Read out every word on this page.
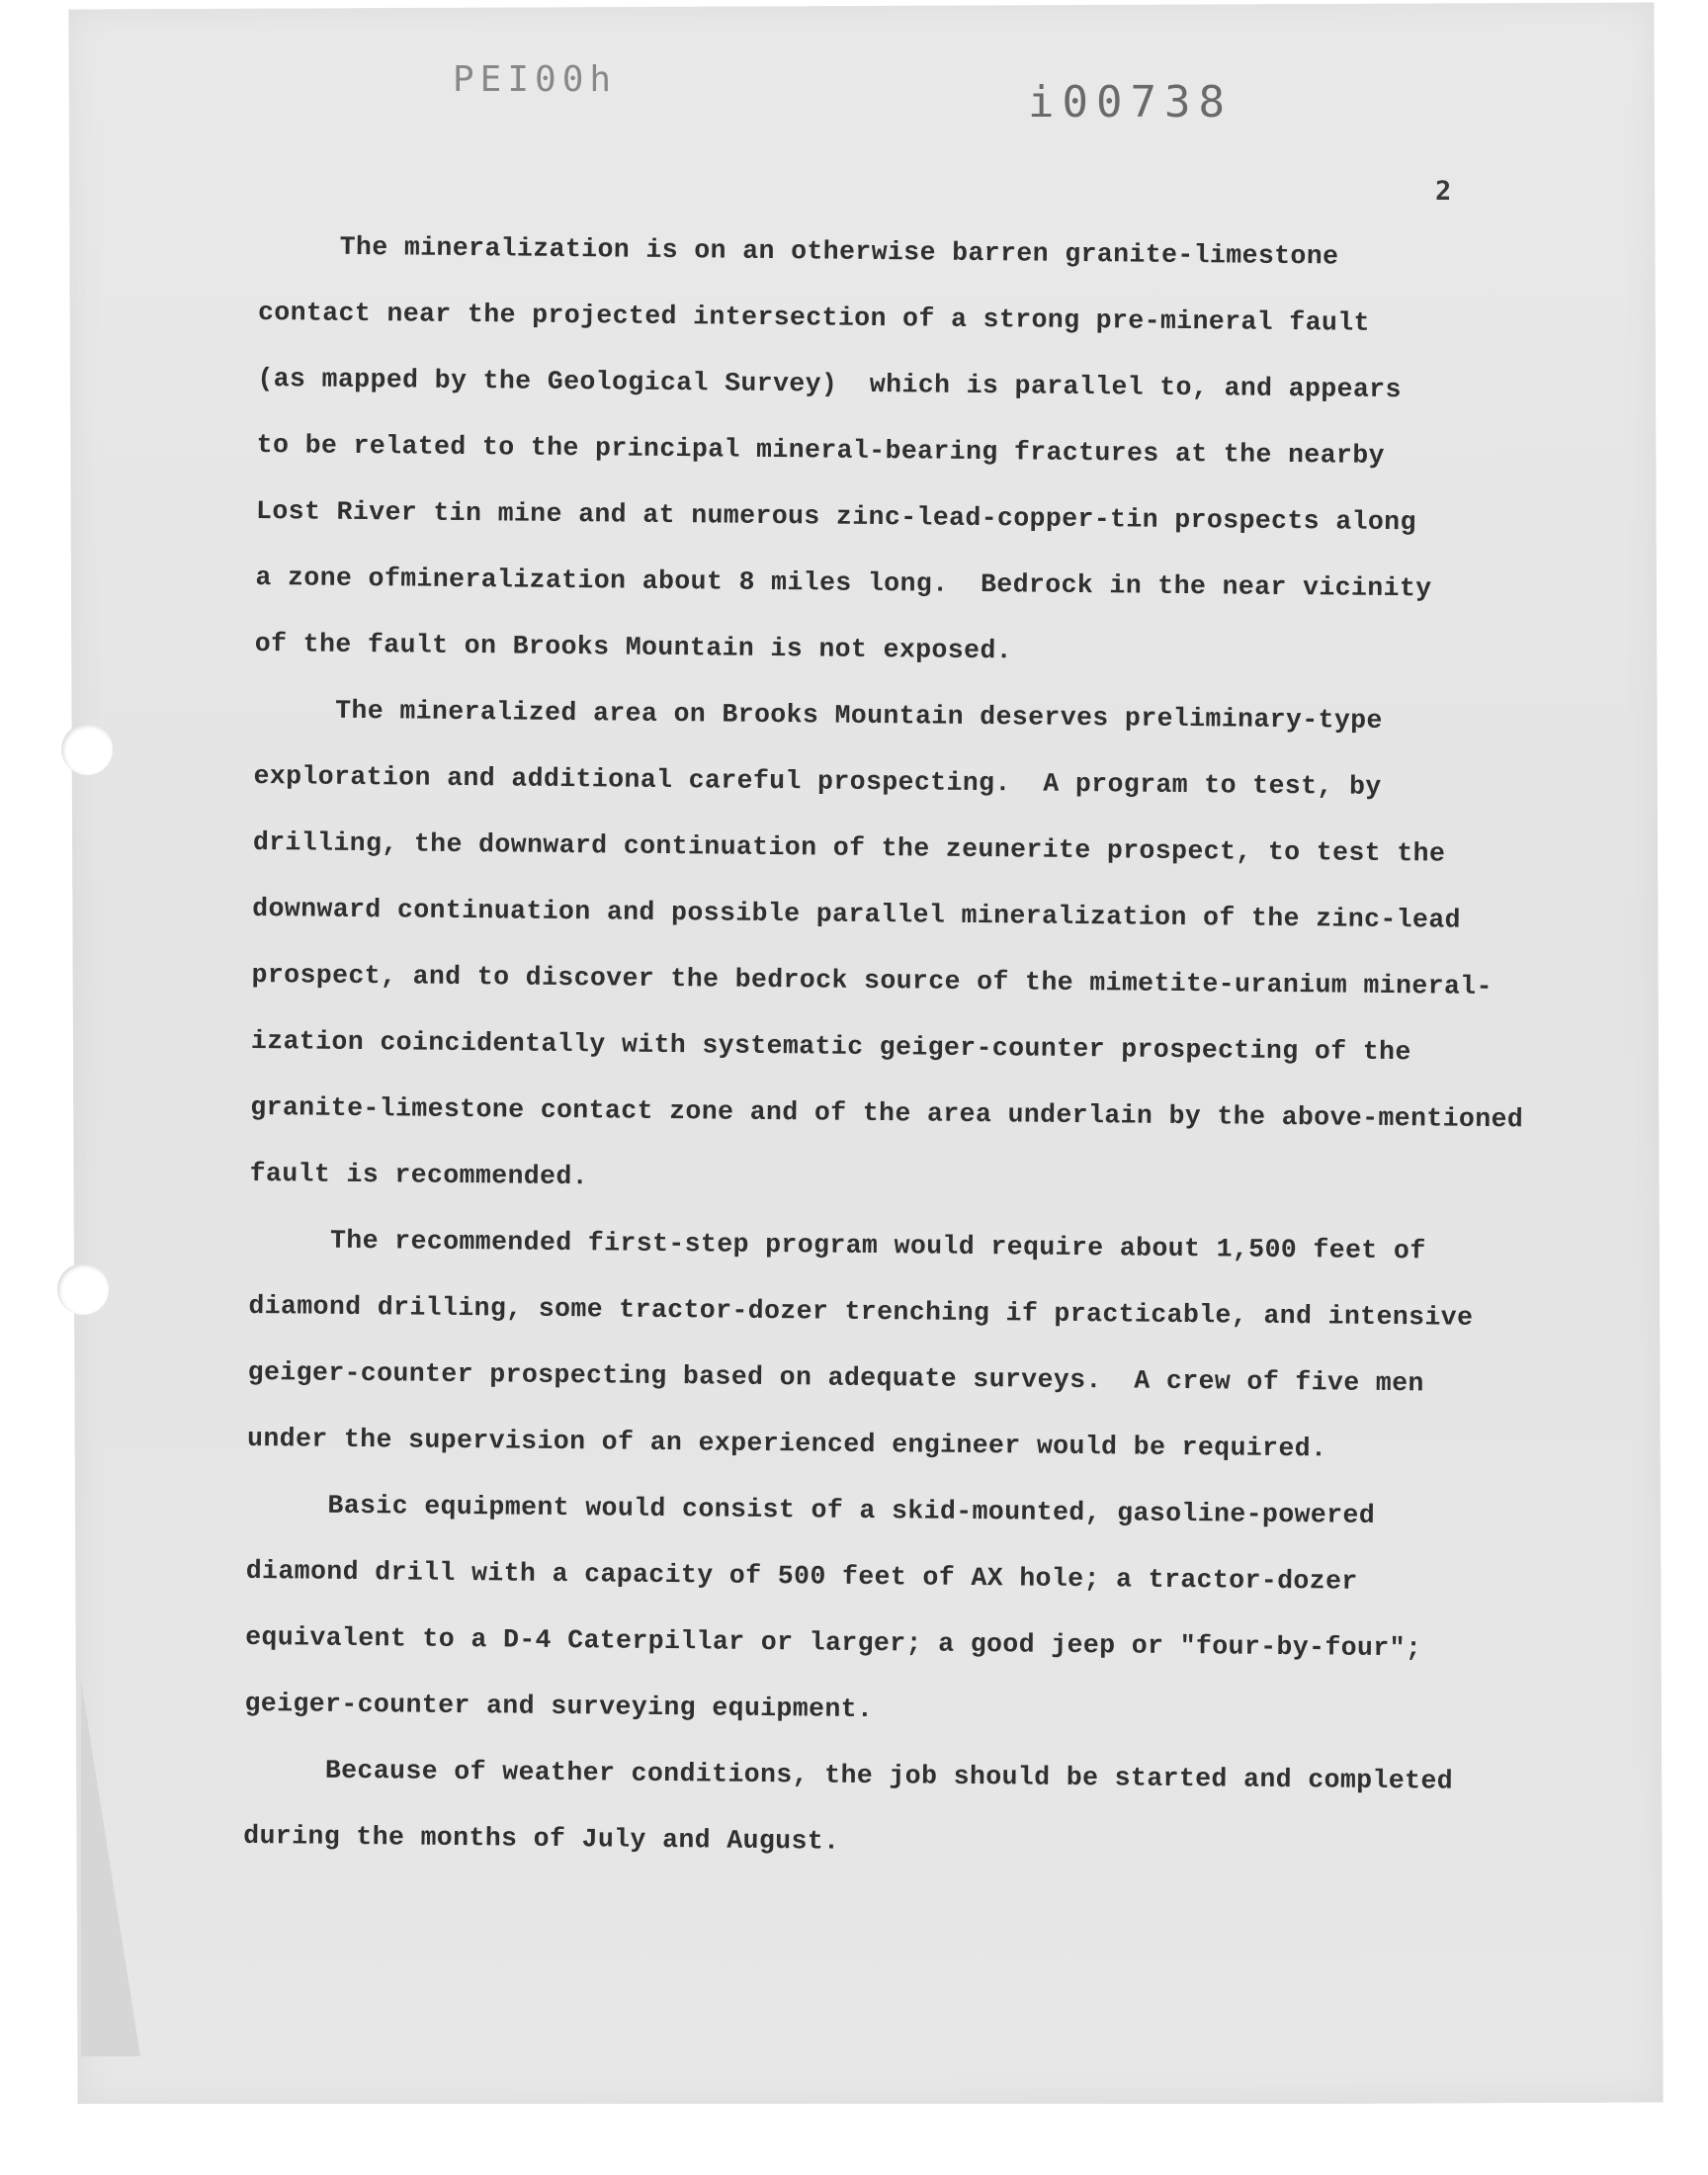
PEI00h	i00738
2

The mineralization is on an otherwise barren granite-limestone
contact near the projected intersection of a strong pre-mineral fault
(as mapped by the Geological Survey)  which is parallel to, and appears
to be related to the principal mineral-bearing fractures at the nearby
Lost River tin mine and at numerous zinc-lead-copper-tin prospects along
a zone ofmineralization about 8 miles long.  Bedrock in the near vicinity
of the fault on Brooks Mountain is not exposed.

The mineralized area on Brooks Mountain deserves preliminary-type
exploration and additional careful prospecting.  A program to test, by
drilling, the downward continuation of the zeunerite prospect, to test the
downward continuation and possible parallel mineralization of the zinc-lead
prospect, and to discover the bedrock source of the mimetite-uranium mineral-
ization coincidentally with systematic geiger-counter prospecting of the
granite-limestone contact zone and of the area underlain by the above-mentioned
fault is recommended.

The recommended first-step program would require about 1,500 feet of
diamond drilling, some tractor-dozer trenching if practicable, and intensive
geiger-counter prospecting based on adequate surveys.  A crew of five men
under the supervision of an experienced engineer would be required.

Basic equipment would consist of a skid-mounted, gasoline-powered
diamond drill with a capacity of 500 feet of AX hole; a tractor-dozer
equivalent to a D-4 Caterpillar or larger; a good jeep or "four-by-four";
geiger-counter and surveying equipment.

Because of weather conditions, the job should be started and completed
during the months of July and August.
